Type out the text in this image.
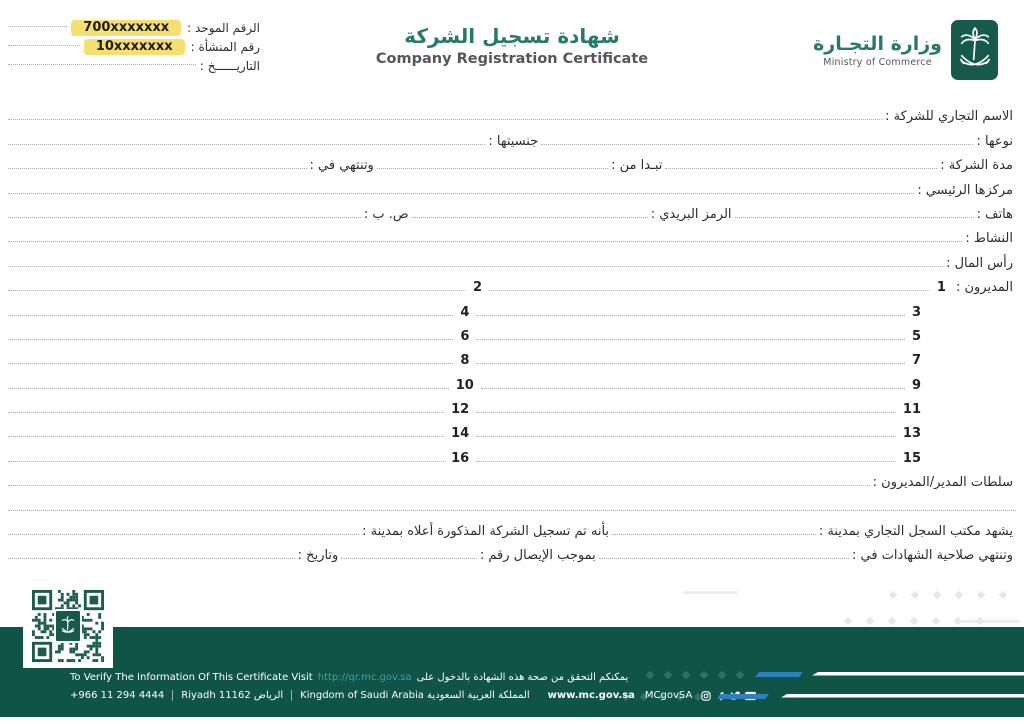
الرقم الموحد :
700xxxxxxx
رقم المنشأة :
10xxxxxxx
التاريــــــخ :
شهادة تسجيل الشركة
Company Registration Certificate
وزارة التجـارة
Ministry of Commerce
الاسم التجاري للشركة :
نوعها :
جنسيتها :
مدة الشركة :
تبـدا من :
وتنتهي في :
مركزها الرئيسي :
هاتف :
الرمز البريدي :
ص. ب :
النشاط :
رأس المال :
المديرون :
1
2
3
4
5
6
7
8
9
10
11
12
13
14
15
16
سلطات المدير/المديرون :
يشهد مكتب السجل التجاري بمدينة :
بأنه تم تسجيل الشركة المذكورة أعلاه بمدينة :
وتنتهي صلاحية الشهادات في :
بموجب الإيصال رقم :
وتاريخ :
To Verify The Information Of This Certificate Visit http://qr.mc.gov.sa يمكنكم التحقق من صحة هذه الشهادة بالدخول على
+966 11 294 4444	Riyadh 11162 الرياض	Kingdom of Saudi Arabia المملكة العربية السعودية	www.mc.gov.sa MCgovSA
